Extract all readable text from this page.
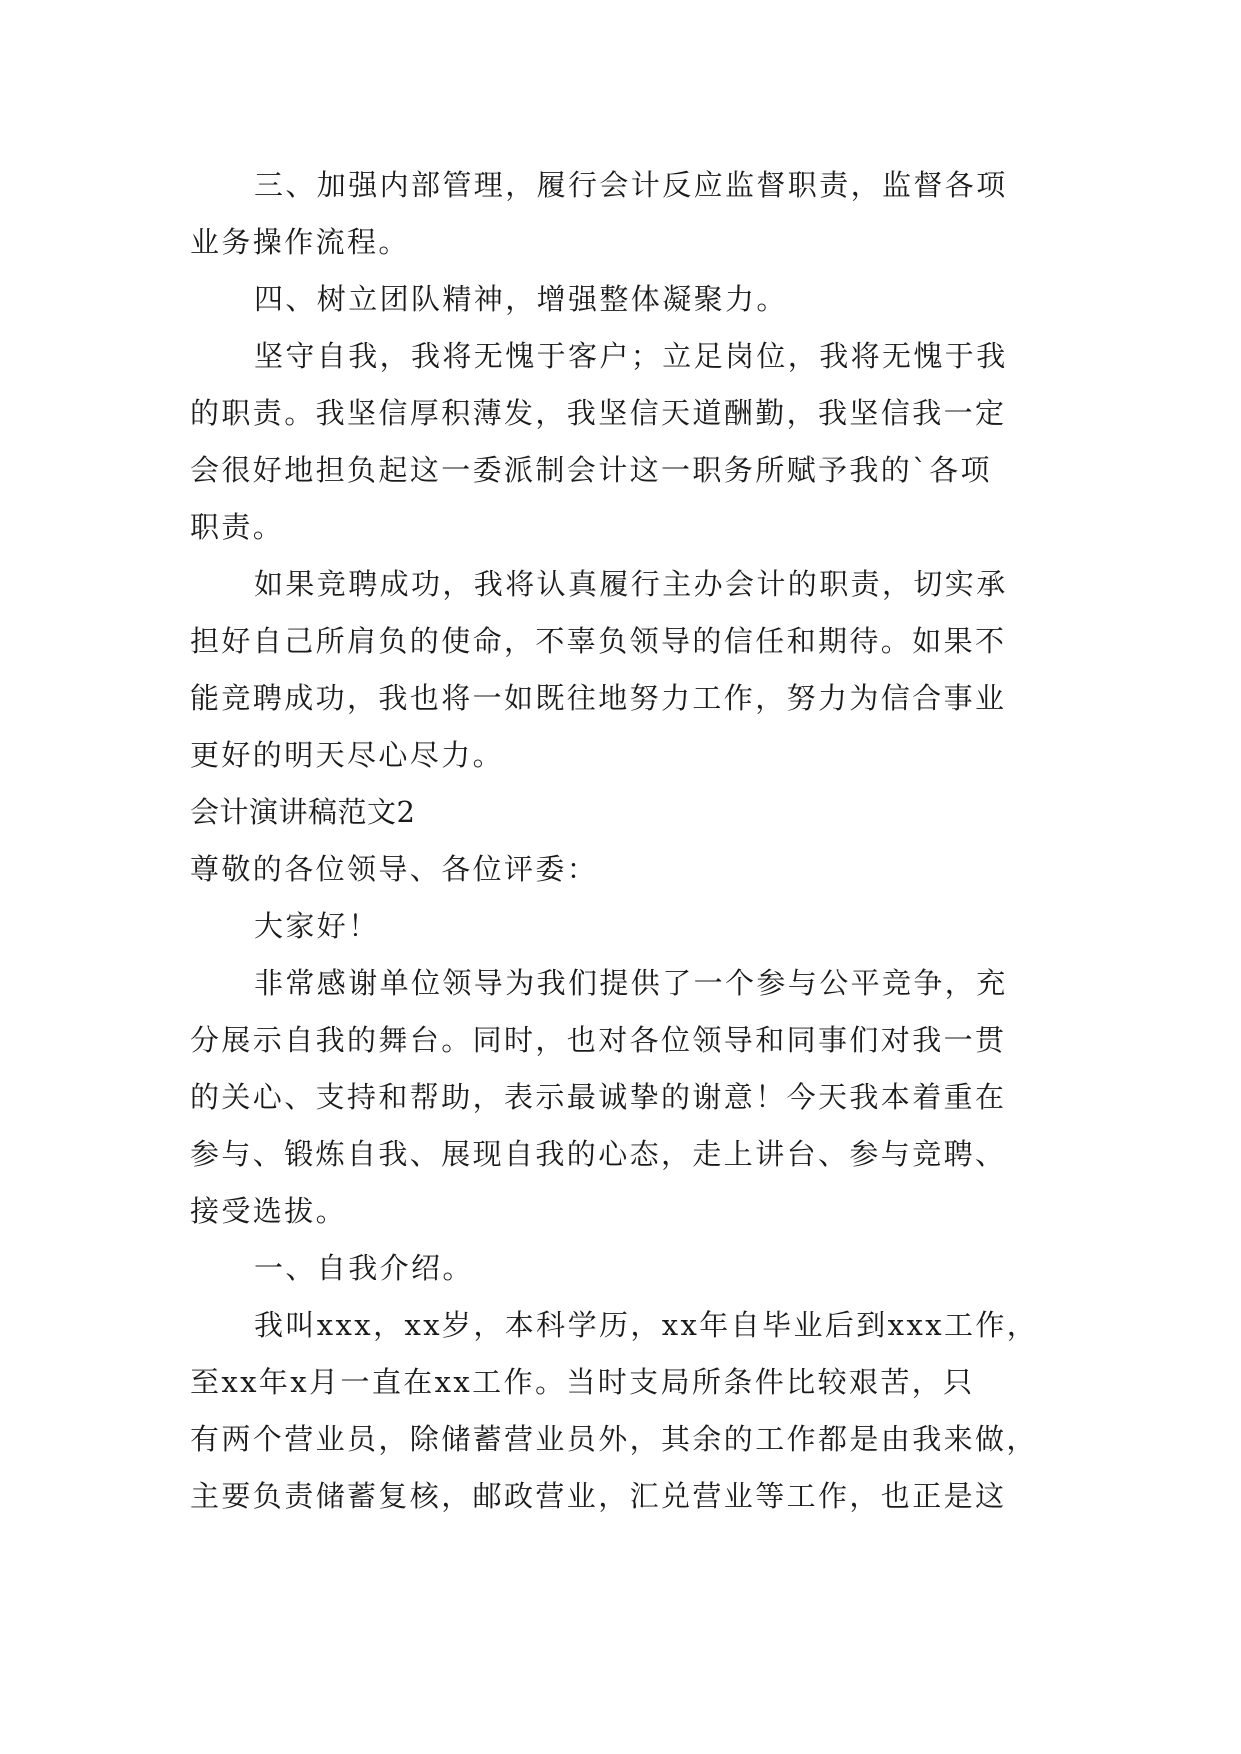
三、加强内部管理，履行会计反应监督职责，监督各项
业务操作流程。
四、树立团队精神，增强整体凝聚力。
坚守自我，我将无愧于客户；立足岗位，我将无愧于我
的职责。我坚信厚积薄发，我坚信天道酬勤，我坚信我一定
会很好地担负起这一委派制会计这一职务所赋予我的`各项
职责。
如果竞聘成功，我将认真履行主办会计的职责，切实承
担好自己所肩负的使命，不辜负领导的信任和期待。如果不
能竞聘成功，我也将一如既往地努力工作，努力为信合事业
更好的明天尽心尽力。
会计演讲稿范文2
尊敬的各位领导、各位评委：
大家好！
非常感谢单位领导为我们提供了一个参与公平竞争，充
分展示自我的舞台。同时，也对各位领导和同事们对我一贯
的关心、支持和帮助，表示最诚挚的谢意！今天我本着重在
参与、锻炼自我、展现自我的心态，走上讲台、参与竞聘、
接受选拔。
一、自我介绍。
我叫xxx，xx岁，本科学历，xx年自毕业后到xxx工作，
至xx年x月一直在xx工作。当时支局所条件比较艰苦，只
有两个营业员，除储蓄营业员外，其余的工作都是由我来做，
主要负责储蓄复核，邮政营业，汇兑营业等工作，也正是这
